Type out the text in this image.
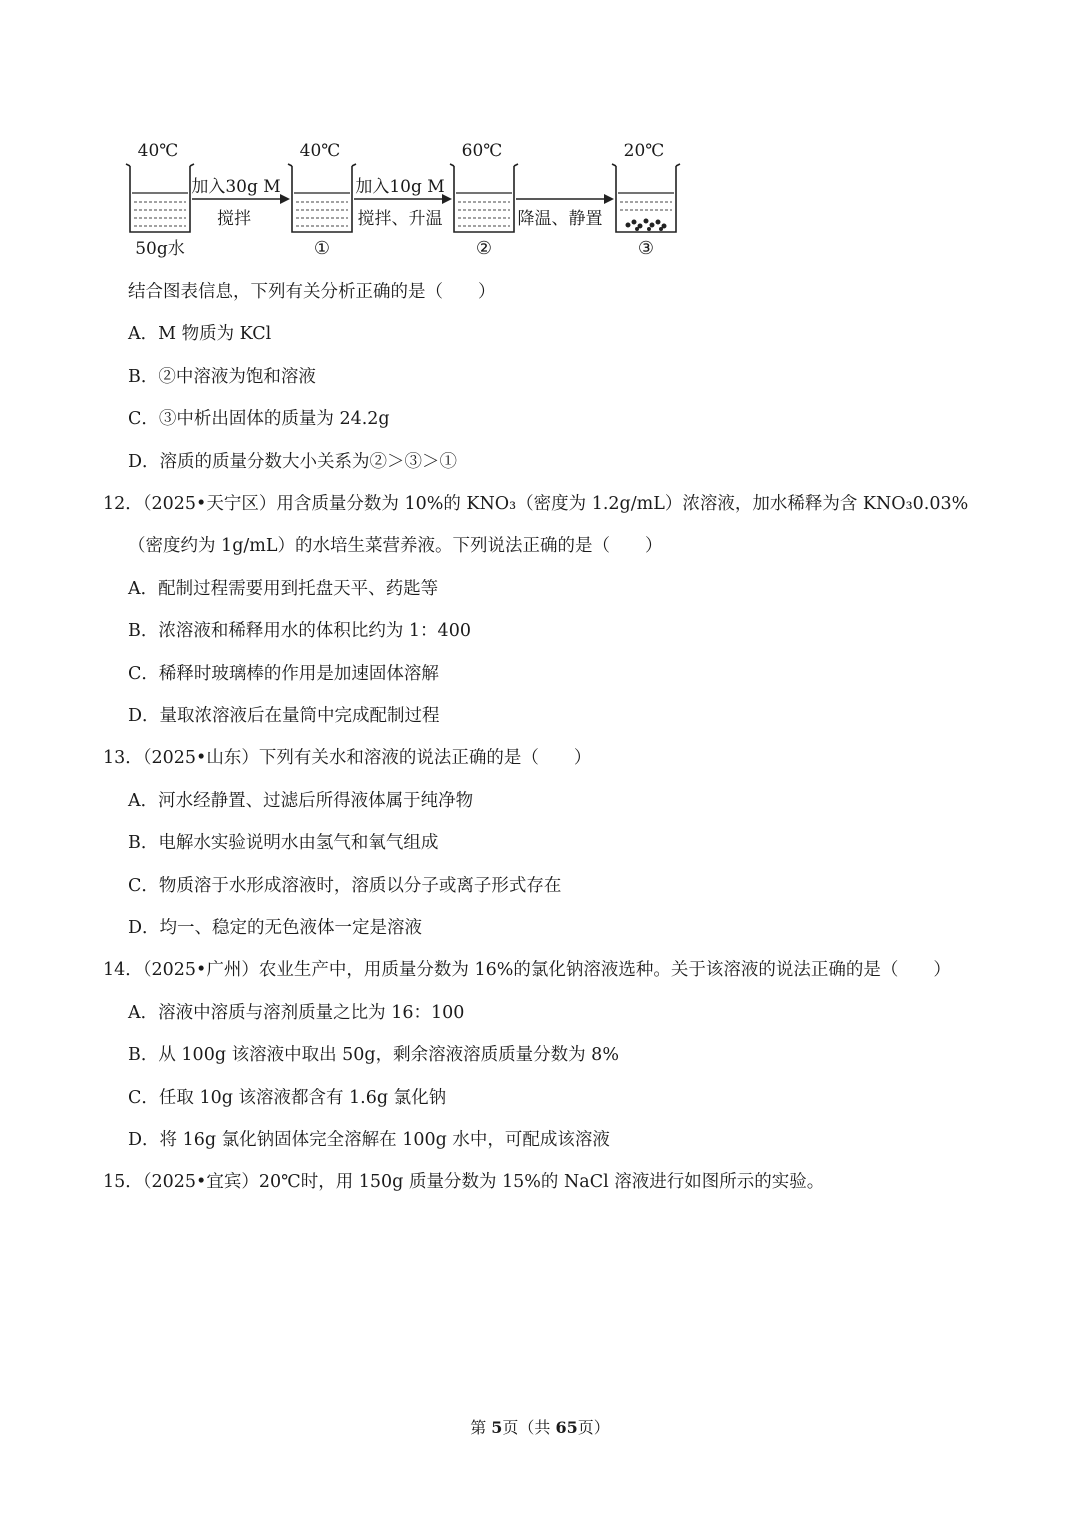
40℃
50g水
加入30g M
搅拌
40℃
①
加入10g M
搅拌、升温
60℃
②
降温、静置
20℃
③
结合图表信息，下列有关分析正确的是（　　）
A．M 物质为 KCl
B．②中溶液为饱和溶液
C．③中析出固体的质量为 24.2g
D．溶质的质量分数大小关系为②＞③＞①
12．（2025•天宁区）用含质量分数为 10%的 KNO₃（密度为 1.2g/mL）浓溶液，加水稀释为含 KNO₃0.03%
（密度约为 1g/mL）的水培生菜营养液。下列说法正确的是（　　）
A．配制过程需要用到托盘天平、药匙等
B．浓溶液和稀释用水的体积比约为 1：400
C．稀释时玻璃棒的作用是加速固体溶解
D．量取浓溶液后在量筒中完成配制过程
13．（2025•山东）下列有关水和溶液的说法正确的是（　　）
A．河水经静置、过滤后所得液体属于纯净物
B．电解水实验说明水由氢气和氧气组成
C．物质溶于水形成溶液时，溶质以分子或离子形式存在
D．均一、稳定的无色液体一定是溶液
14．（2025•广州）农业生产中，用质量分数为 16%的氯化钠溶液选种。关于该溶液的说法正确的是（　　）
A．溶液中溶质与溶剂质量之比为 16：100
B．从 100g 该溶液中取出 50g，剩余溶液溶质质量分数为 8%
C．任取 10g 该溶液都含有 1.6g 氯化钠
D．将 16g 氯化钠固体完全溶解在 100g 水中，可配成该溶液
15．（2025•宜宾）20℃时，用 150g 质量分数为 15%的 NaCl 溶液进行如图所示的实验。
第 5页（共 65页）
